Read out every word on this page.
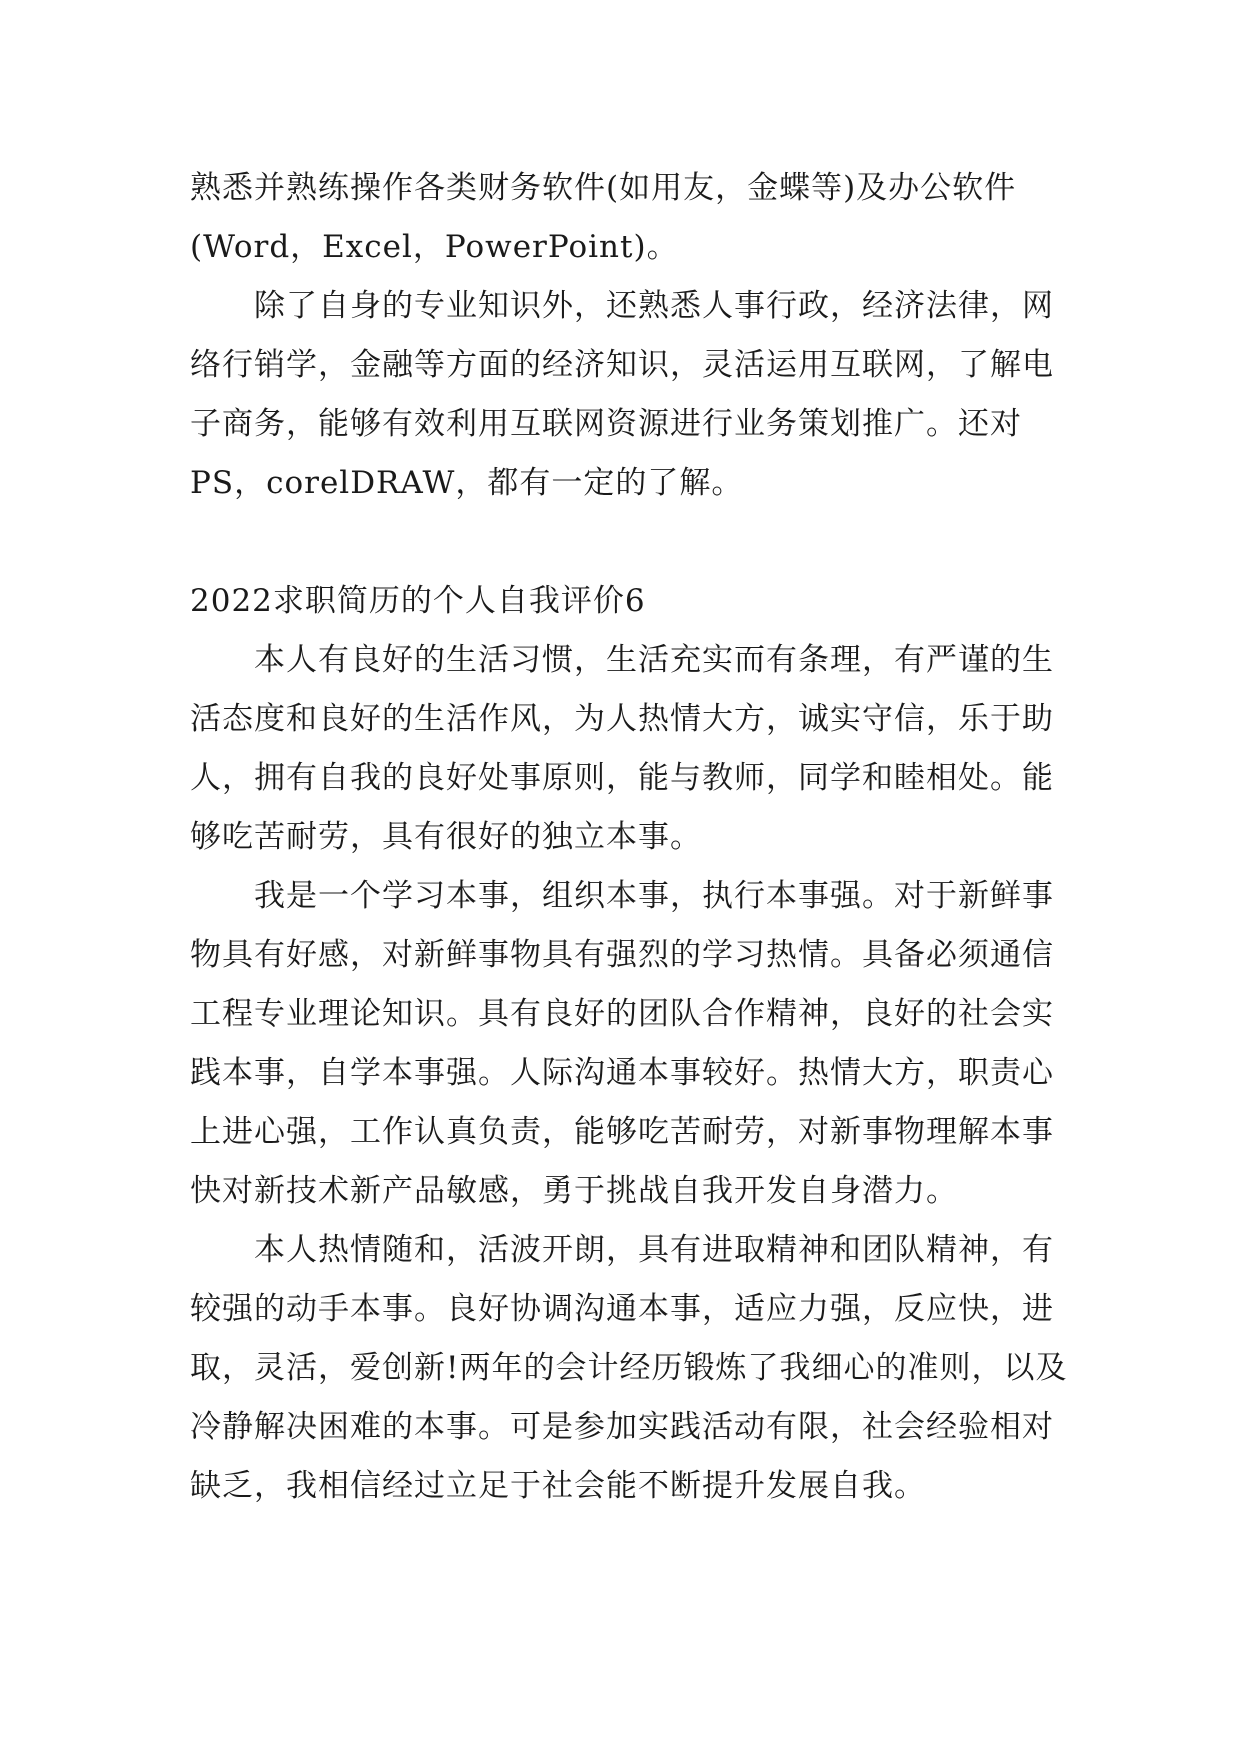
熟悉并熟练操作各类财务软件(如用友，金蝶等)及办公软件(Word，Excel，PowerPoint)。

除了自身的专业知识外，还熟悉人事行政，经济法律，网络行销学，金融等方面的经济知识，灵活运用互联网，了解电子商务，能够有效利用互联网资源进行业务策划推广。还对PS，corelDRAW，都有一定的了解。

2022求职简历的个人自我评价6

本人有良好的生活习惯，生活充实而有条理，有严谨的生活态度和良好的生活作风，为人热情大方，诚实守信，乐于助人，拥有自我的良好处事原则，能与教师，同学和睦相处。能够吃苦耐劳，具有很好的独立本事。

我是一个学习本事，组织本事，执行本事强。对于新鲜事物具有好感，对新鲜事物具有强烈的学习热情。具备必须通信工程专业理论知识。具有良好的团队合作精神，良好的社会实践本事，自学本事强。人际沟通本事较好。热情大方，职责心上进心强，工作认真负责，能够吃苦耐劳，对新事物理解本事快对新技术新产品敏感，勇于挑战自我开发自身潜力。

本人热情随和，活波开朗，具有进取精神和团队精神，有较强的动手本事。良好协调沟通本事，适应力强，反应快，进取，灵活，爱创新!两年的会计经历锻炼了我细心的准则，以及冷静解决困难的本事。可是参加实践活动有限，社会经验相对缺乏，我相信经过立足于社会能不断提升发展自我。
